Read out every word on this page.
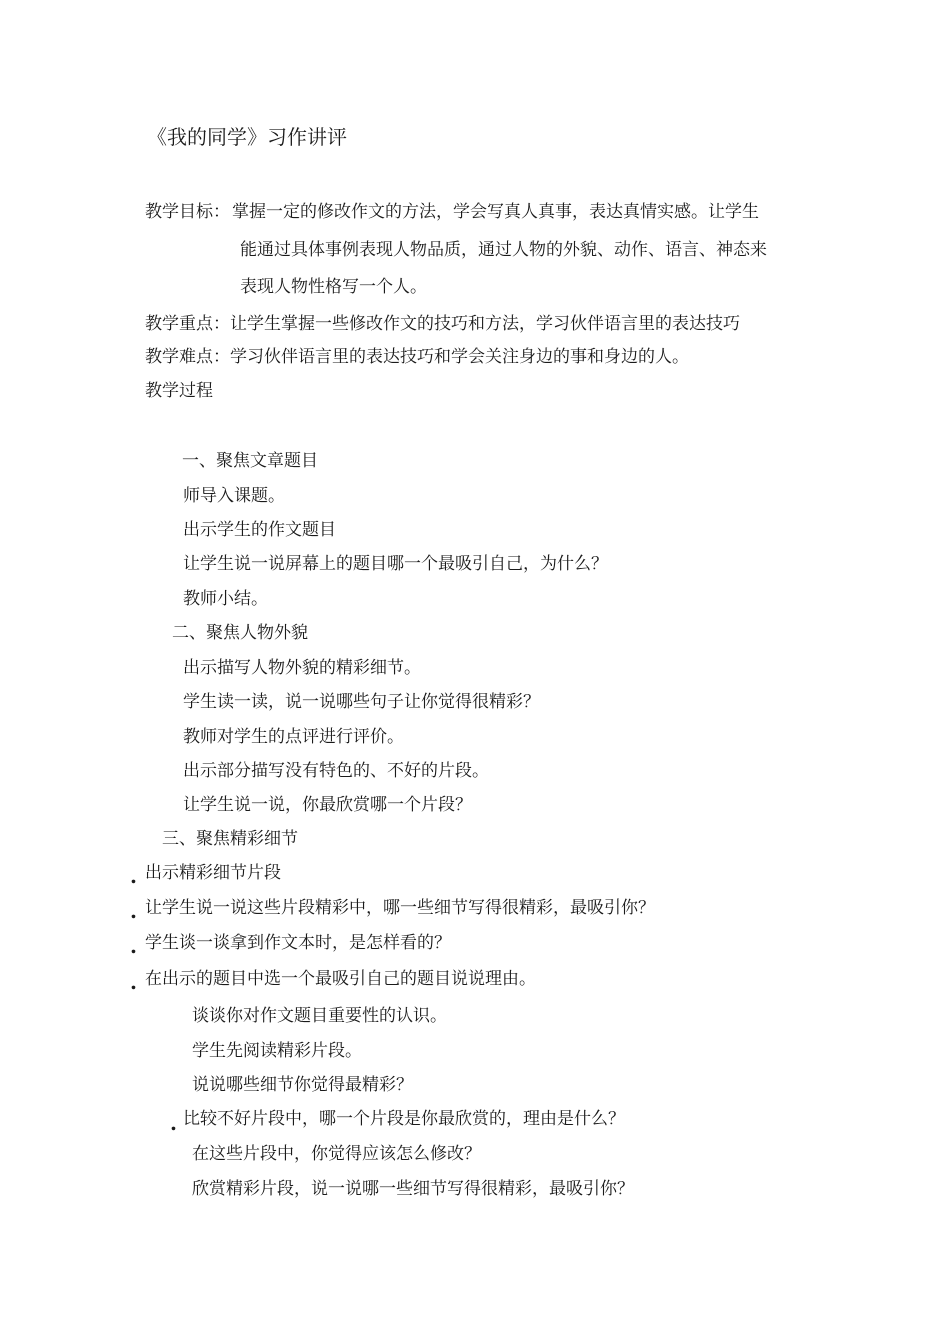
《我的同学》习作讲评
教学目标： 掌握一定的修改作文的方法，学会写真人真事，表达真情实感。让学生
能通过具体事例表现人物品质，通过人物的外貌、动作、语言、神态来
表现人物性格写一个人。
教学重点：让学生掌握一些修改作文的技巧和方法，学习伙伴语言里的表达技巧
教学难点：学习伙伴语言里的表达技巧和学会关注身边的事和身边的人。
教学过程
一、聚焦文章题目
师导入课题。
出示学生的作文题目
让学生说一说屏幕上的题目哪一个最吸引自己，为什么？
教师小结。
二、聚焦人物外貌
出示描写人物外貌的精彩细节。
学生读一读，说一说哪些句子让你觉得很精彩？
教师对学生的点评进行评价。
出示部分描写没有特色的、不好的片段。
让学生说一说，你最欣赏哪一个片段？
三、聚焦精彩细节
. 出示精彩细节片段
. 让学生说一说这些片段精彩中，哪一些细节写得很精彩，最吸引你？
. 学生谈一谈拿到作文本时，是怎样看的？
. 在出示的题目中选一个最吸引自己的题目说说理由。
谈谈你对作文题目重要性的认识。
学生先阅读精彩片段。
说说哪些细节你觉得最精彩？
. 比较不好片段中，哪一个片段是你最欣赏的，理由是什么？
在这些片段中，你觉得应该怎么修改？
欣赏精彩片段，说一说哪一些细节写得很精彩，最吸引你？
